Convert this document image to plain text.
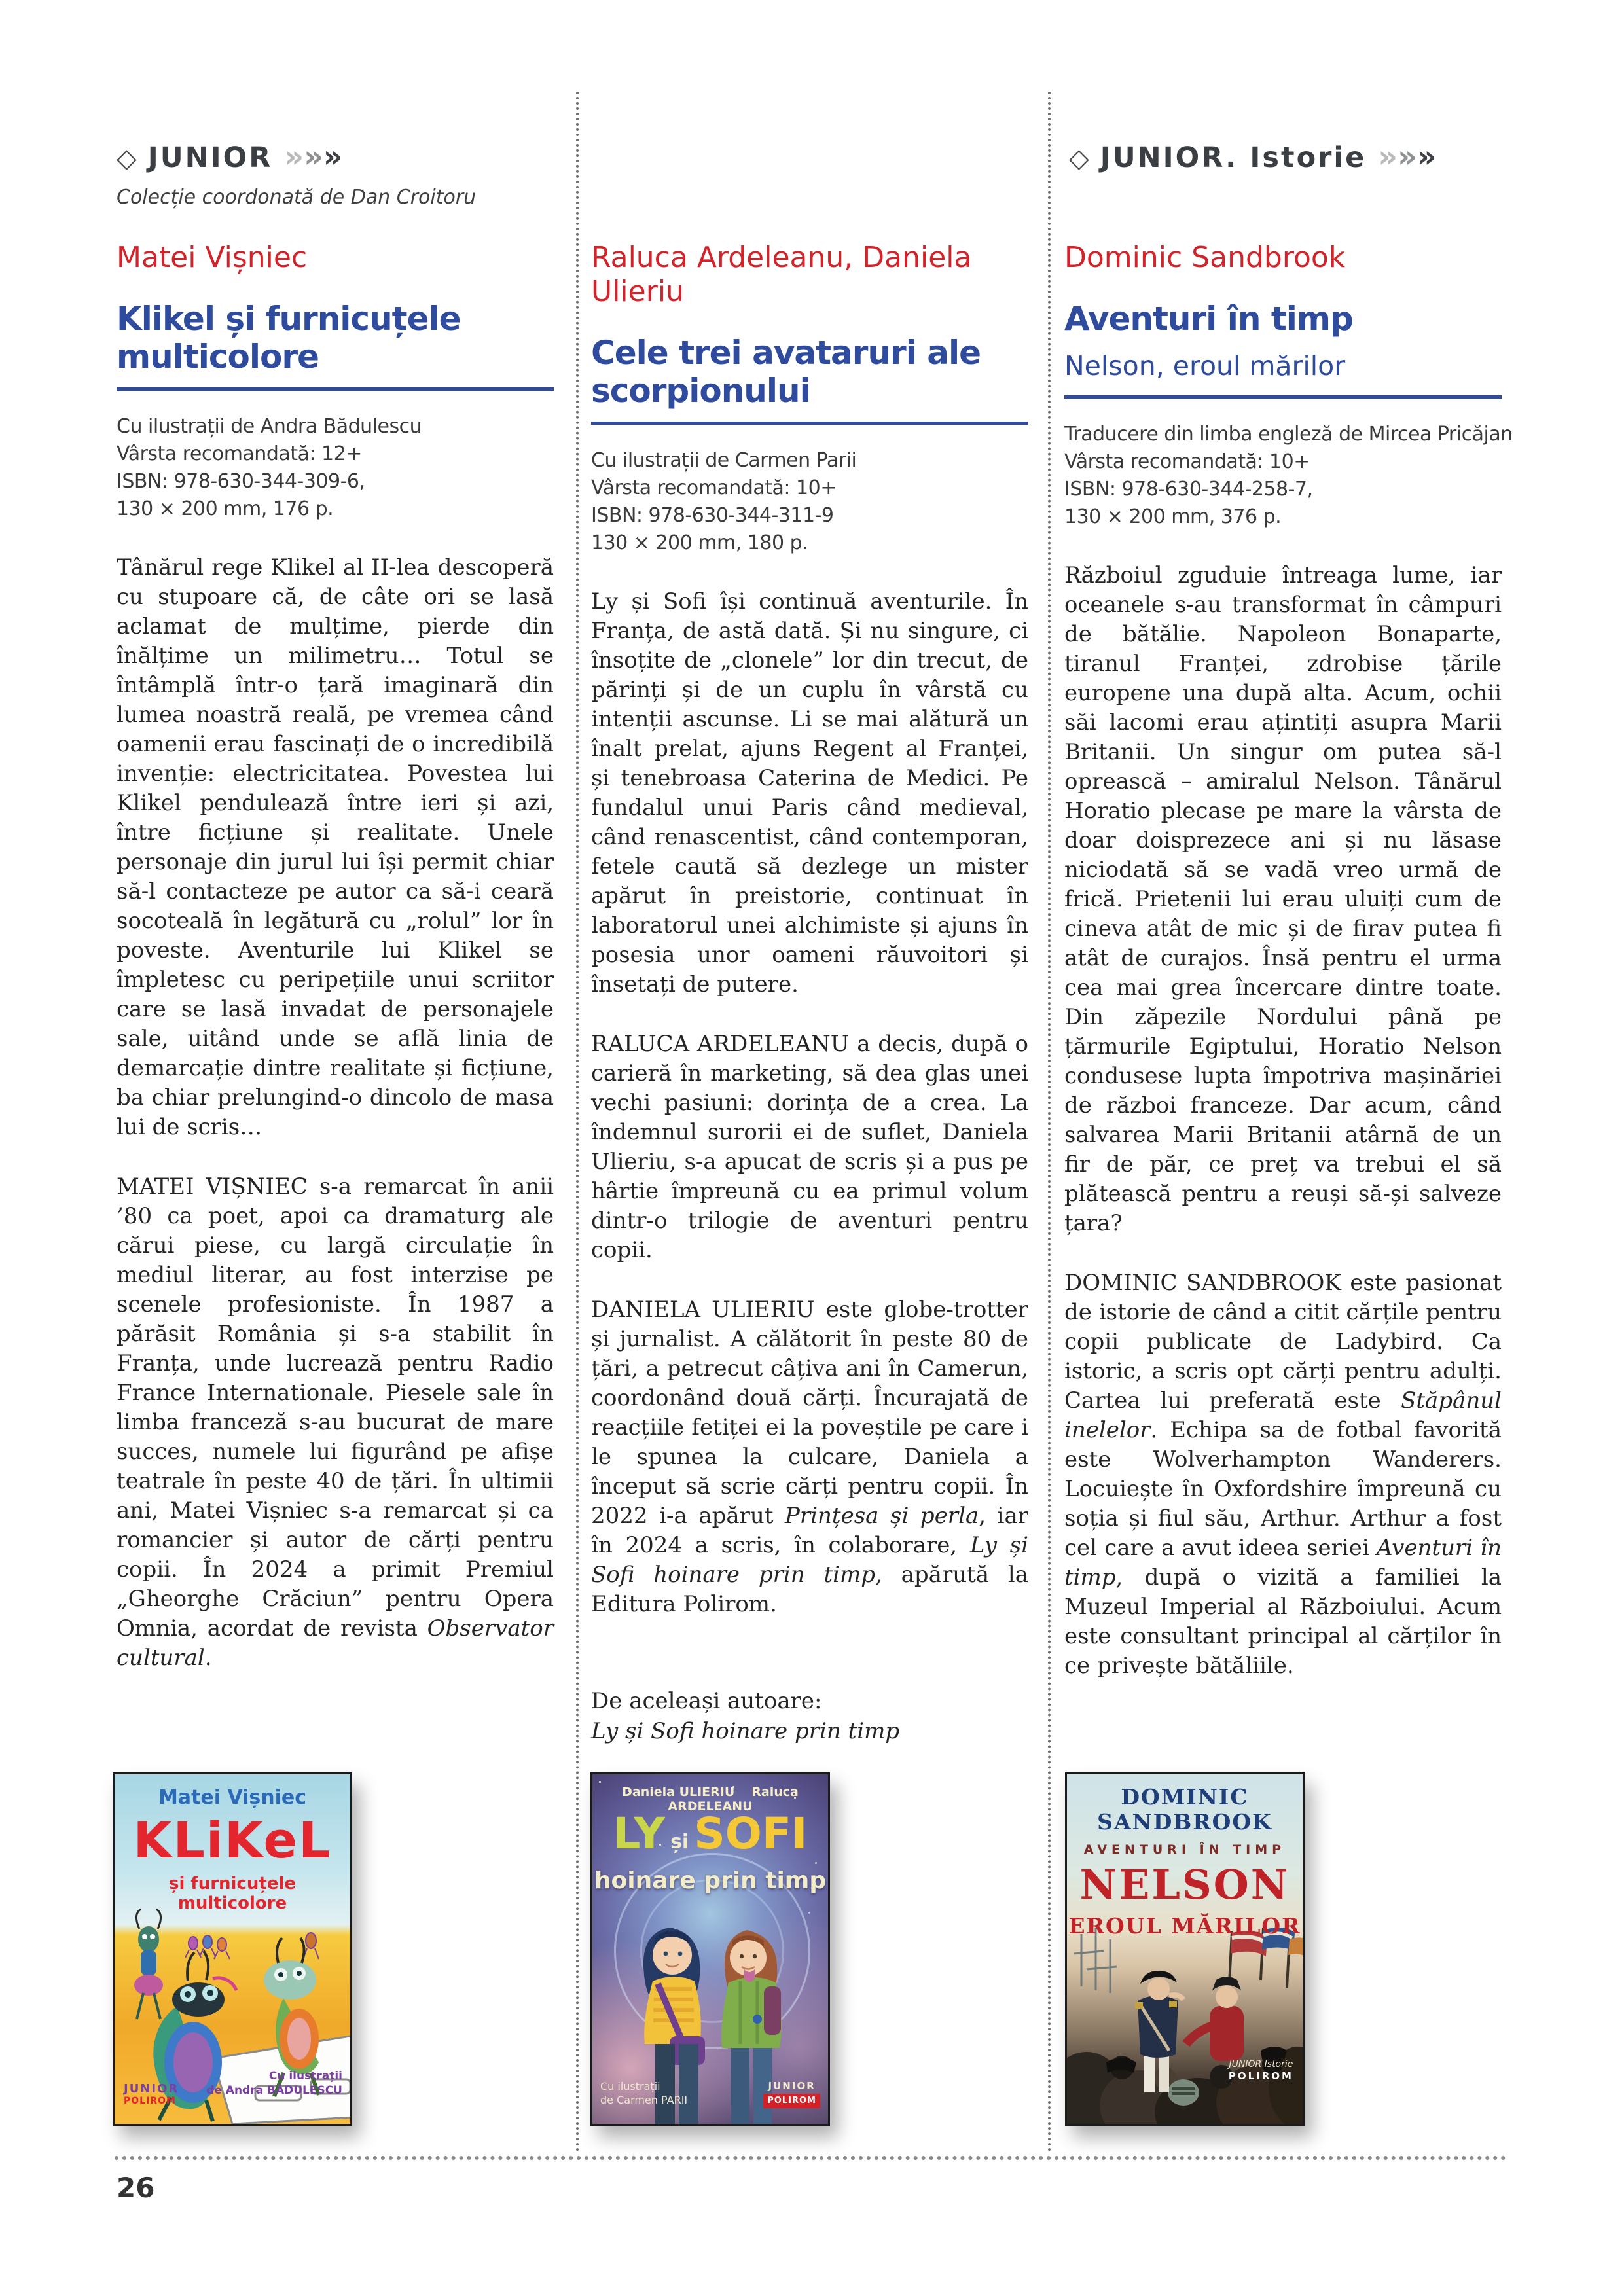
◇ JUNIOR »»»
Colecție coordonată de Dan Croitoru
◇ JUNIOR. Istorie »»»
Matei Vișniec
Klikel și furnicuțele multicolore
Cu ilustrații de Andra Bădulescu
Vârsta recomandată: 12+
ISBN: 978-630-344-309-6,
130 × 200 mm, 176 p.

Tânărul rege Klikel al II-lea descoperă cu stupoare că, de câte ori se lasă aclamat de mulțime, pierde din înălțime un milimetru… Totul se întâmplă într-o țară imaginară din lumea noastră reală, pe vremea când oamenii erau fascinați de o incredibilă invenție: electricitatea. Povestea lui Klikel pendulează între ieri și azi, între ficțiune și realitate. Unele personaje din jurul lui își permit chiar să-l contacteze pe autor ca să-i ceară socoteală în legătură cu „rolul” lor în poveste. Aventurile lui Klikel se împletesc cu peripețiile unui scriitor care se lasă invadat de personajele sale, uitând unde se află linia de demarcație dintre realitate și ficțiune, ba chiar prelungind-o dincolo de masa lui de scris…

MATEI VIȘNIEC s-a remarcat în anii ’80 ca poet, apoi ca dramaturg ale cărui piese, cu largă circulație în mediul literar, au fost interzise pe scenele profesioniste. În 1987 a părăsit România și s-a stabilit în Franța, unde lucrează pentru Radio France Internationale. Piesele sale în limba franceză s-au bucurat de mare succes, numele lui figurând pe afișe teatrale în peste 40 de țări. În ultimii ani, Matei Vișniec s-a remarcat și ca romancier și autor de cărți pentru copii. În 2024 a primit Premiul „Gheorghe Crăciun” pentru Opera Omnia, acordat de revista Observator cultural.

Raluca Ardeleanu, Daniela Ulieriu
Cele trei avataruri ale scorpionului
Cu ilustrații de Carmen Parii
Vârsta recomandată: 10+
ISBN: 978-630-344-311-9
130 × 200 mm, 180 p.

Ly și Sofi își continuă aventurile. În Franța, de astă dată. Și nu singure, ci însoțite de „clonele” lor din trecut, de părinți și de un cuplu în vârstă cu intenții ascunse. Li se mai alătură un înalt prelat, ajuns Regent al Franței, și tenebroasa Caterina de Medici. Pe fundalul unui Paris când medieval, când renascentist, când contemporan, fetele caută să dezlege un mister apărut în preistorie, continuat în laboratorul unei alchimiste și ajuns în posesia unor oameni răuvoitori și însetați de putere.

RALUCA ARDELEANU a decis, după o carieră în marketing, să dea glas unei vechi pasiuni: dorința de a crea. La îndemnul surorii ei de suflet, Daniela Ulieriu, s-a apucat de scris și a pus pe hârtie împreună cu ea primul volum dintr-o trilogie de aventuri pentru copii.

DANIELA ULIERIU este globe-trotter și jurnalist. A călătorit în peste 80 de țări, a petrecut câțiva ani în Camerun, coordonând două cărți. Încurajată de reacțiile fetiței ei la poveștile pe care i le spunea la culcare, Daniela a început să scrie cărți pentru copii. În 2022 i-a apărut Prințesa și perla, iar în 2024 a scris, în colaborare, Ly și Sofi hoinare prin timp, apărută la Editura Polirom.

Dominic Sandbrook
Aventuri în timp
Nelson, eroul mărilor
Traducere din limba engleză de Mircea Pricăjan
Vârsta recomandată: 10+
ISBN: 978-630-344-258-7,
130 × 200 mm, 376 p.

Războiul zguduie întreaga lume, iar oceanele s-au transformat în câmpuri de bătălie. Napoleon Bonaparte, tiranul Franței, zdrobise țările europene una după alta. Acum, ochii săi lacomi erau ațintiți asupra Marii Britanii. Un singur om putea să-l oprească – amiralul Nelson. Tânărul Horatio plecase pe mare la vârsta de doar doisprezece ani și nu lăsase niciodată să se vadă vreo urmă de frică. Prietenii lui erau uluiți cum de cineva atât de mic și de firav putea fi atât de curajos. Însă pentru el urma cea mai grea încercare dintre toate. Din zăpezile Nordului până pe țărmurile Egiptului, Horatio Nelson condusese lupta împotriva mașinăriei de război franceze. Dar acum, când salvarea Marii Britanii atârnă de un fir de păr, ce preț va trebui el să plătească pentru a reuși să-și salveze țara?

DOMINIC SANDBROOK este pasionat de istorie de când a citit cărțile pentru copii publicate de Ladybird. Ca istoric, a scris opt cărți pentru adulți. Cartea lui preferată este Stăpânul inelelor. Echipa sa de fotbal favorită este Wolverhampton Wanderers. Locuiește în Oxfordshire împreună cu soția și fiul său, Arthur. Arthur a fost cel care a avut ideea seriei Aventuri în timp, după o vizită a familiei la Muzeul Imperial al Războiului. Acum este consultant principal al cărților în ce privește bătăliile.

De aceleași autoare:
Ly și Sofi hoinare prin timp
Matei Vișniec
KLiKeL
și furnicuțele multicolore
Cu ilustrații
de Andra BĂDULESCU
JUNIOR
POLIROM
Daniela ULIERIU Raluca ARDELEANU
LY și SOFI
hoinare prin timp
Cu ilustrații
de Carmen PARII
JUNIOR
POLIROM
DOMINIC SANDBROOK
AVENTURI ÎN TIMP
NELSON
EROUL MĂRILOR
JUNIOR Istorie
POLIROM
26
